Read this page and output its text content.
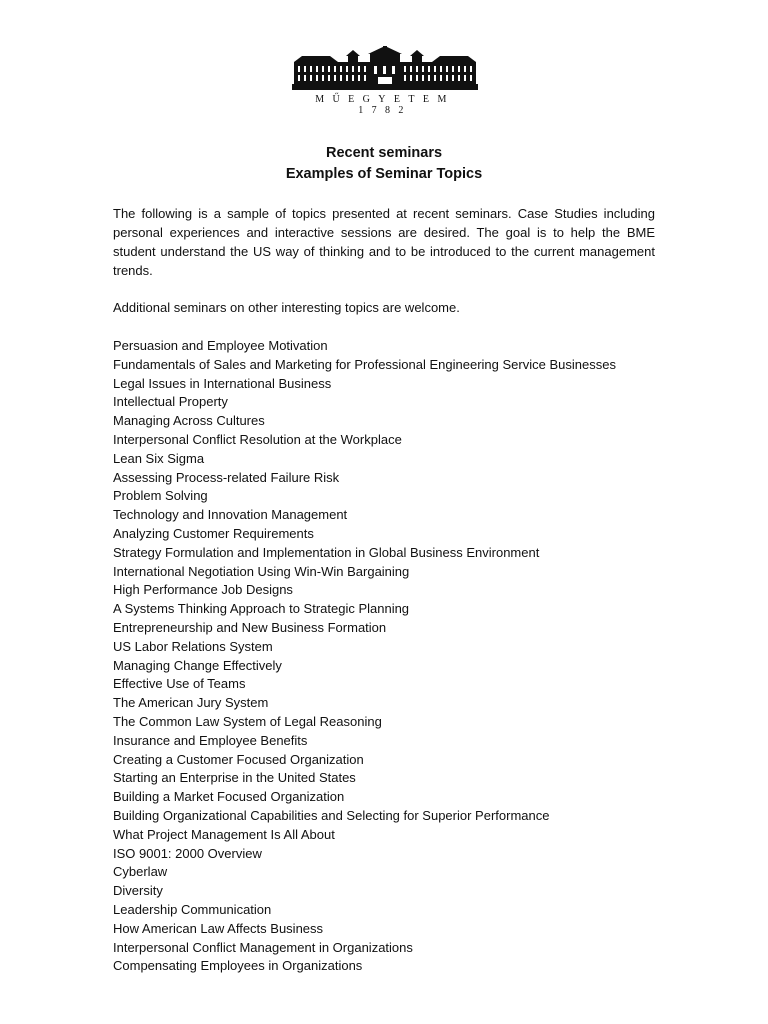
MŰEGYETEM 1782

Recent seminars

Examples of Seminar Topics

The following is a sample of topics presented at recent seminars. Case Studies including personal experiences and interactive sessions are desired. The goal is to help the BME student understand the US way of thinking and to be introduced to the current management trends.

Additional seminars on other interesting topics are welcome.

Persuasion and Employee Motivation
Fundamentals of Sales and Marketing for Professional Engineering Service Businesses
Legal Issues in International Business
Intellectual Property
Managing Across Cultures
Interpersonal Conflict Resolution at the Workplace
Lean Six Sigma
Assessing Process-related Failure Risk
Problem Solving
Technology and Innovation Management
Analyzing Customer Requirements
Strategy Formulation and Implementation in Global Business Environment
International Negotiation Using Win-Win Bargaining
High Performance Job Designs
A Systems Thinking Approach to Strategic Planning
Entrepreneurship and New Business Formation
US Labor Relations System
Managing Change Effectively
Effective Use of Teams
The American Jury System
The Common Law System of Legal Reasoning
Insurance and Employee Benefits
Creating a Customer Focused Organization
Starting an Enterprise in the United States
Building a Market Focused Organization
Building Organizational Capabilities and Selecting for Superior Performance
What Project Management Is All About
ISO 9001: 2000 Overview
Cyberlaw
Diversity
Leadership Communication
How American Law Affects Business
Interpersonal Conflict Management in Organizations
Compensating Employees in Organizations
